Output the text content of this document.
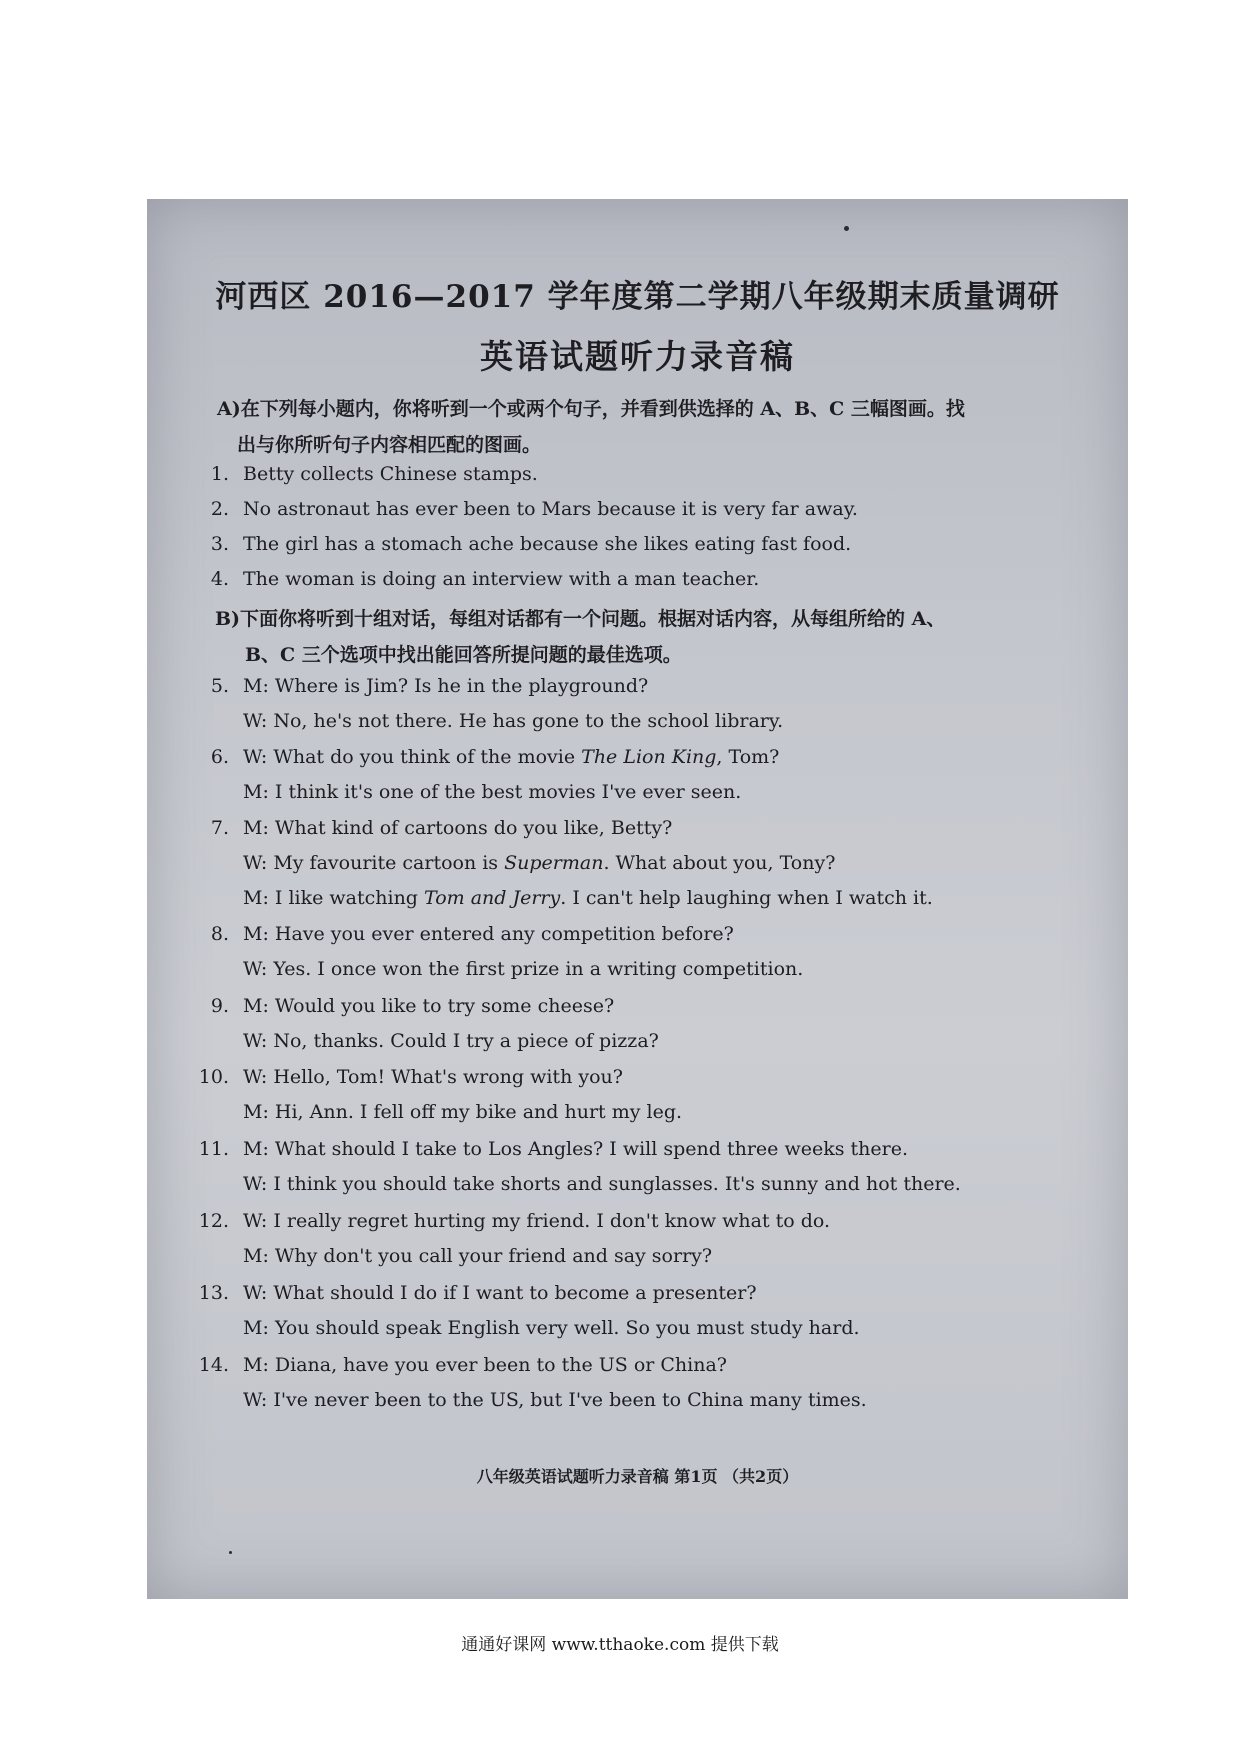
河西区 2016—2017 学年度第二学期八年级期末质量调研
英语试题听力录音稿
A)在下列每小题内，你将听到一个或两个句子，并看到供选择的 A、B、C 三幅图画。找
出与你所听句子内容相匹配的图画。
1. Betty collects Chinese stamps.
2. No astronaut has ever been to Mars because it is very far away.
3. The girl has a stomach ache because she likes eating fast food.
4. The woman is doing an interview with a man teacher.
B)下面你将听到十组对话，每组对话都有一个问题。根据对话内容，从每组所给的 A、
B、C 三个选项中找出能回答所提问题的最佳选项。
5. M: Where is Jim? Is he in the playground?
W: No, he's not there. He has gone to the school library.
6. W: What do you think of the movie The Lion King, Tom?
M: I think it's one of the best movies I've ever seen.
7. M: What kind of cartoons do you like, Betty?
W: My favourite cartoon is Superman. What about you, Tony?
M: I like watching Tom and Jerry. I can't help laughing when I watch it.
8. M: Have you ever entered any competition before?
W: Yes. I once won the first prize in a writing competition.
9. M: Would you like to try some cheese?
W: No, thanks. Could I try a piece of pizza?
10. W: Hello, Tom! What's wrong with you?
M: Hi, Ann. I fell off my bike and hurt my leg.
11. M: What should I take to Los Angles? I will spend three weeks there.
W: I think you should take shorts and sunglasses. It's sunny and hot there.
12. W: I really regret hurting my friend. I don't know what to do.
M: Why don't you call your friend and say sorry?
13. W: What should I do if I want to become a presenter?
M: You should speak English very well. So you must study hard.
14. M: Diana, have you ever been to the US or China?
W: I've never been to the US, but I've been to China many times.
八年级英语试题听力录音稿 第1页 （共2页）
通通好课网 www.tthaoke.com 提供下载
